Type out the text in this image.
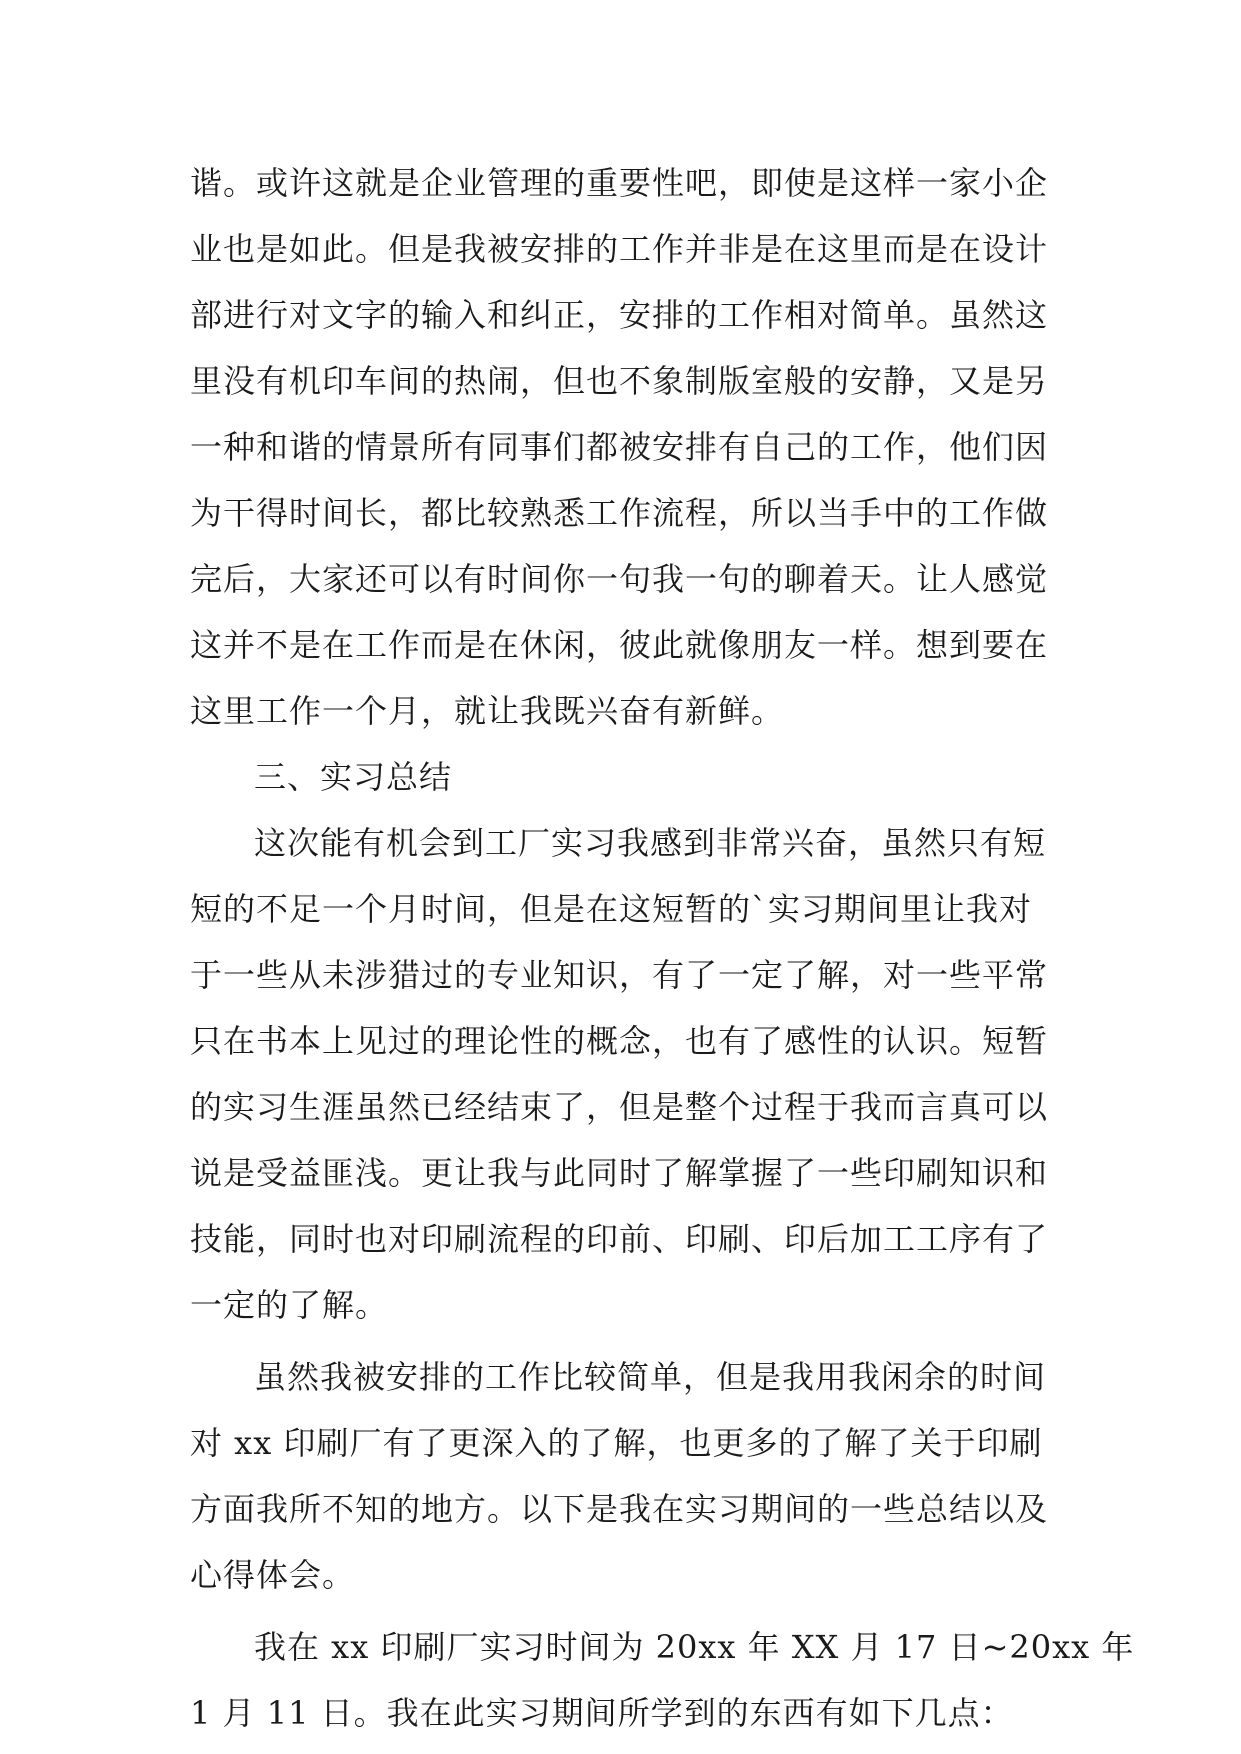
谐。或许这就是企业管理的重要性吧，即使是这样一家小企
业也是如此。但是我被安排的工作并非是在这里而是在设计
部进行对文字的输入和纠正，安排的工作相对简单。虽然这
里没有机印车间的热闹，但也不象制版室般的安静，又是另
一种和谐的情景所有同事们都被安排有自己的工作，他们因
为干得时间长，都比较熟悉工作流程，所以当手中的工作做
完后，大家还可以有时间你一句我一句的聊着天。让人感觉
这并不是在工作而是在休闲，彼此就像朋友一样。想到要在
这里工作一个月，就让我既兴奋有新鲜。
三、实习总结
这次能有机会到工厂实习我感到非常兴奋，虽然只有短
短的不足一个月时间，但是在这短暂的`实习期间里让我对
于一些从未涉猎过的专业知识，有了一定了解，对一些平常
只在书本上见过的理论性的概念，也有了感性的认识。短暂
的实习生涯虽然已经结束了，但是整个过程于我而言真可以
说是受益匪浅。更让我与此同时了解掌握了一些印刷知识和
技能，同时也对印刷流程的印前、印刷、印后加工工序有了
一定的了解。
虽然我被安排的工作比较简单，但是我用我闲余的时间
对 xx 印刷厂有了更深入的了解，也更多的了解了关于印刷
方面我所不知的地方。以下是我在实习期间的一些总结以及
心得体会。
我在 xx 印刷厂实习时间为 20xx 年 XX 月 17 日~20xx 年
1 月 11 日。我在此实习期间所学到的东西有如下几点：
